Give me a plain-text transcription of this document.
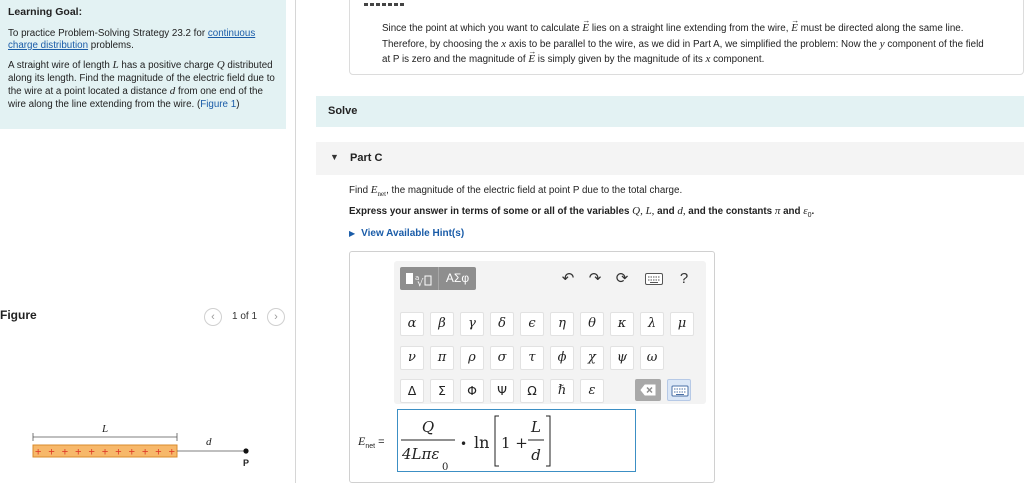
Learning Goal:
To practice Problem-Solving Strategy 23.2 for continuous charge distribution problems.
A straight wire of length L has a positive charge Q distributed along its length. Find the magnitude of the electric field due to the wire at a point located a distance d from one end of the wire along the line extending from the wire. (Figure 1)
Figure	‹	1 of 1	›
L
+++++++++++
d
P
Since the point at which you want to calculate E
→
lies on a straight line extending from the wire, E
→
must be directed along the same line.
Therefore, by choosing the x axis to be parallel to the wire, as we did in Part A, we simplified the problem: Now the y component of the field
at P is zero and the magnitude of E
→
is simply given by the magnitude of its x component.
Solve
▼ Part C
Find $E_{net}$, the magnitude of the electric field at point P due to the total charge.
Express your answer in terms of some or all of the variables Q, L, and d, and the constants π and $\varepsilon_0$.
▶ View Available Hint(s)
a
√	ΑΣφ	↶ ↷ ⟳	?
α	β	γ	δ	ϵ	η	θ	κ	λ	μ
ν	π	ρ	σ	τ	ϕ	χ	ψ	ω
Δ	Σ	Φ	Ψ	Ω	ℏ	ε
$E_{net}$ =
Q
4Lπε
0
• ln 1 +
L
d
